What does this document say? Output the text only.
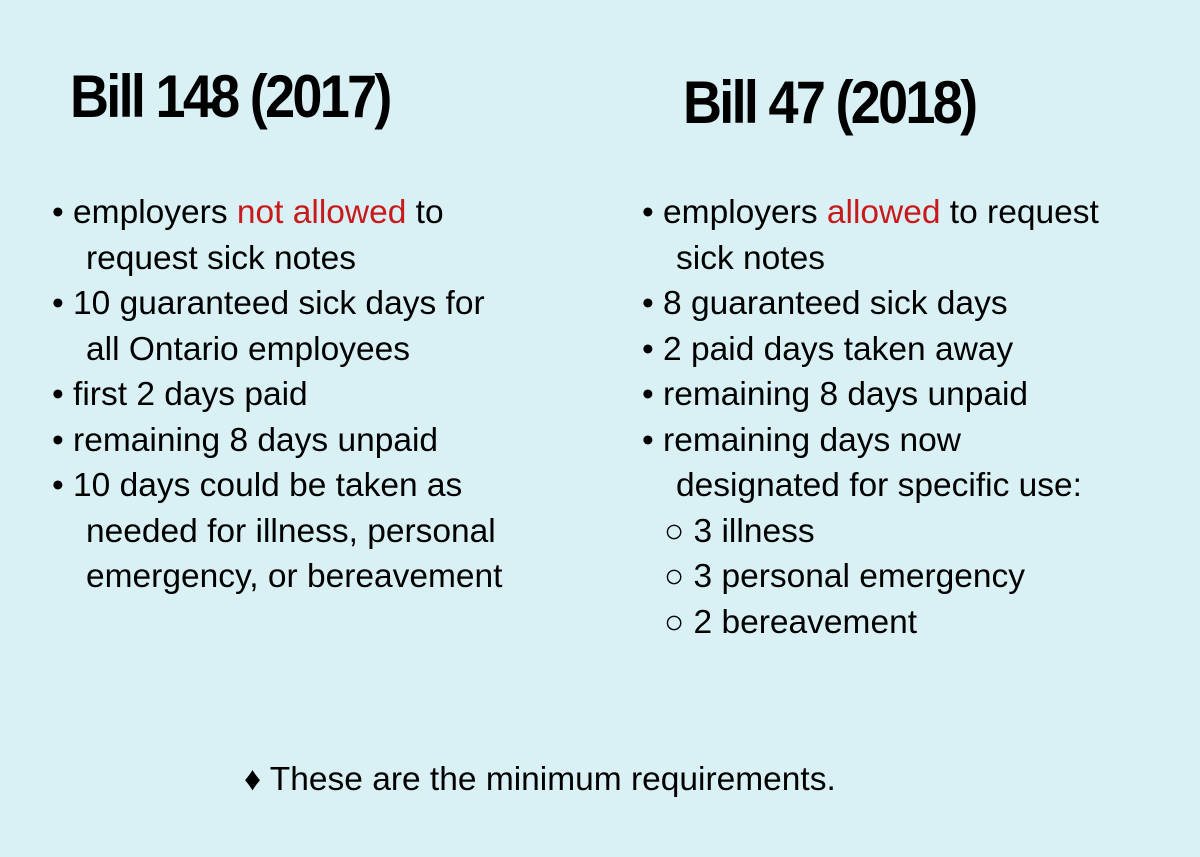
Bill 148 (2017)	Bill 47 (2018)
• employers not allowed to
request sick notes
• 10 guaranteed sick days for
all Ontario employees
• first 2 days paid
• remaining 8 days unpaid
• 10 days could be taken as
needed for illness, personal
emergency, or bereavement
• employers allowed to request
sick notes
• 8 guaranteed sick days
• 2 paid days taken away
• remaining 8 days unpaid
• remaining days now
designated for specific use:
○ 3 illness
○ 3 personal emergency
○ 2 bereavement
♦ These are the minimum requirements.
